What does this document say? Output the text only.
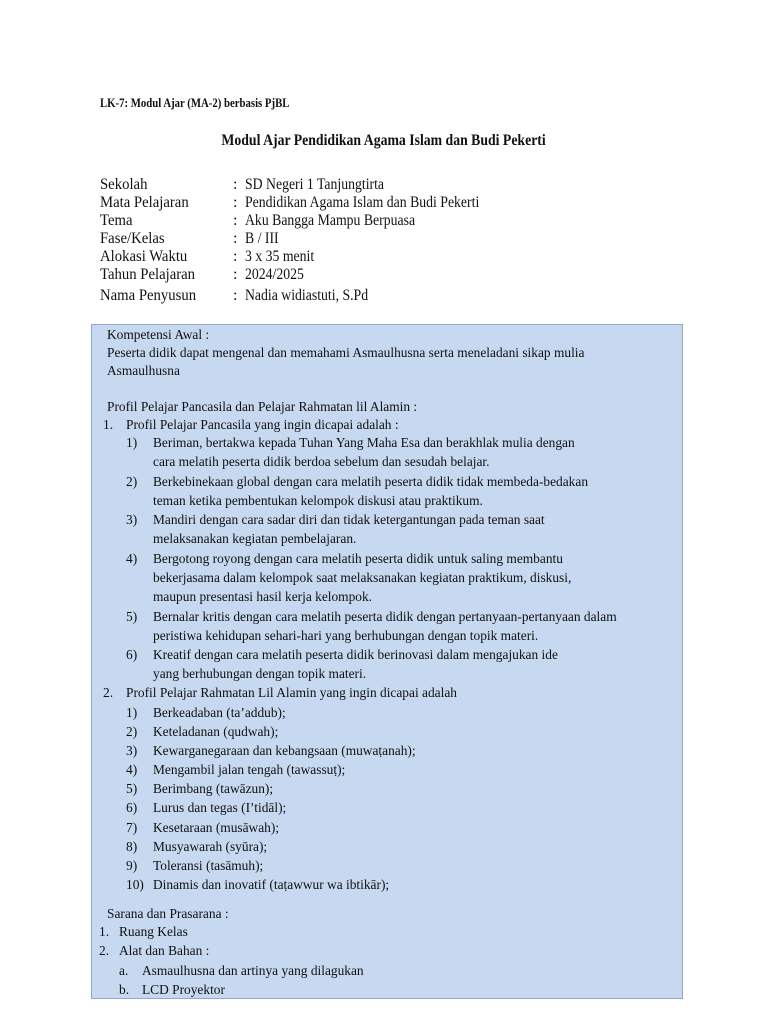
LK-7: Modul Ajar (MA-2) berbasis PjBL
Modul Ajar Pendidikan Agama Islam dan Budi Pekerti
Sekolah	: SD Negeri 1 Tanjungtirta
Mata Pelajaran	: Pendidikan Agama Islam dan Budi Pekerti
Tema	: Aku Bangga Mampu Berpuasa
Fase/Kelas	: B / III
Alokasi Waktu	: 3 x 35 menit
Tahun Pelajaran : 2024/2025
Nama Penyusun : Nadia widiastuti, S.Pd
Kompetensi Awal :
Peserta didik dapat mengenal dan memahami Asmaulhusna serta meneladani sikap mulia
Asmaulhusna
Profil Pelajar Pancasila dan Pelajar Rahmatan lil Alamin :
1. Profil Pelajar Pancasila yang ingin dicapai adalah :
1) Beriman, bertakwa kepada Tuhan Yang Maha Esa dan berakhlak mulia dengan
cara melatih peserta didik berdoa sebelum dan sesudah belajar.
2) Berkebinekaan global dengan cara melatih peserta didik tidak membeda-bedakan
teman ketika pembentukan kelompok diskusi atau praktikum.
3) Mandiri dengan cara sadar diri dan tidak ketergantungan pada teman saat
melaksanakan kegiatan pembelajaran.
4) Bergotong royong dengan cara melatih peserta didik untuk saling membantu
bekerjasama dalam kelompok saat melaksanakan kegiatan praktikum, diskusi,
maupun presentasi hasil kerja kelompok.
5) Bernalar kritis dengan cara melatih peserta didik dengan pertanyaan-pertanyaan dalam
peristiwa kehidupan sehari-hari yang berhubungan dengan topik materi.
6) Kreatif dengan cara melatih peserta didik berinovasi dalam mengajukan ide
yang berhubungan dengan topik materi.
2. Profil Pelajar Rahmatan Lil Alamin yang ingin dicapai adalah
1) Berkeadaban (ta’addub);
2) Keteladanan (qudwah);
3) Kewarganegaraan dan kebangsaan (muwaṭanah);
4) Mengambil jalan tengah (tawassuṭ);
5) Berimbang (tawāzun);
6) Lurus dan tegas (I’tidāl);
7) Kesetaraan (musāwah);
8) Musyawarah (syūra);
9) Toleransi (tasāmuh);
10) Dinamis dan inovatif (taṭawwur wa ibtikār);
Sarana dan Prasarana :
1. Ruang Kelas
2. Alat dan Bahan :
a. Asmaulhusna dan artinya yang dilagukan
b. LCD Proyektor
